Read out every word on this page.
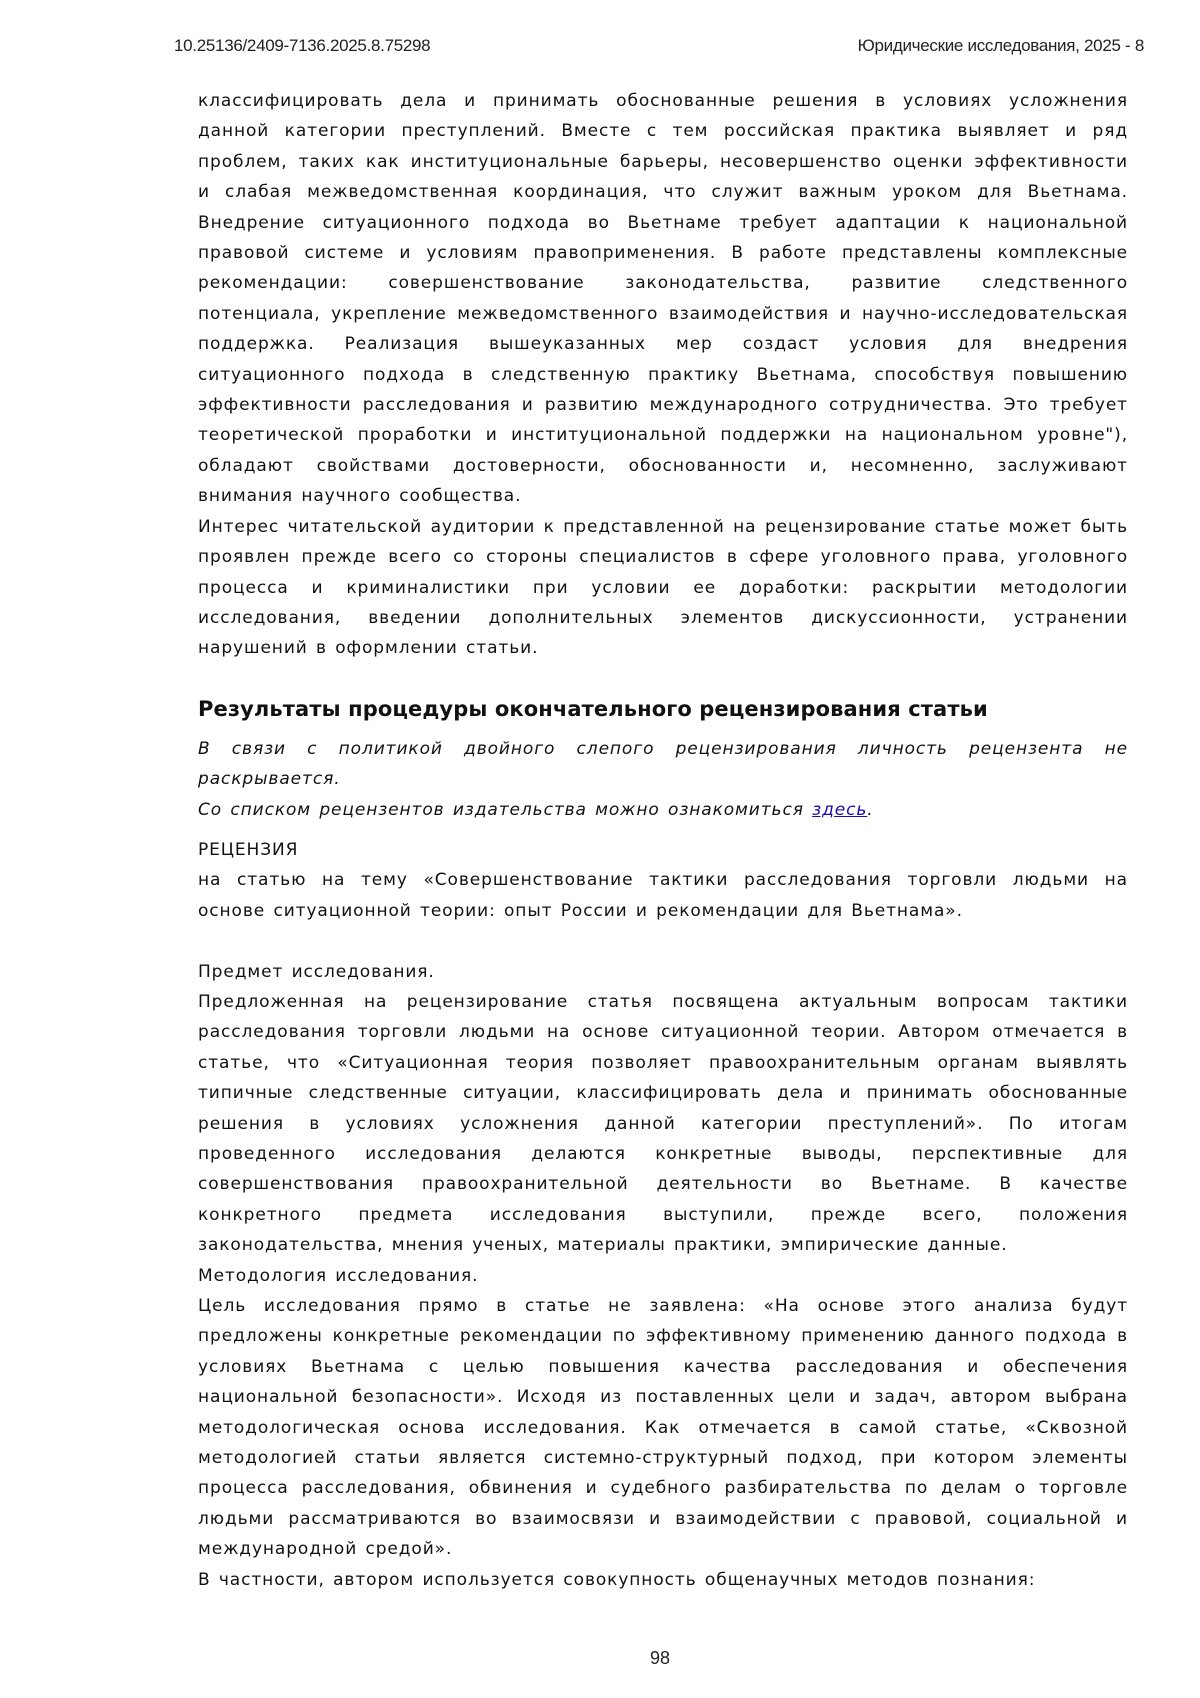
10.25136/2409-7136.2025.8.75298	Юридические исследования, 2025 - 8

классифицировать дела и принимать обоснованные решения в условиях усложнения данной категории преступлений. Вместе с тем российская практика выявляет и ряд проблем, таких как институциональные барьеры, несовершенство оценки эффективности и слабая межведомственная координация, что служит важным уроком для Вьетнама. Внедрение ситуационного подхода во Вьетнаме требует адаптации к национальной правовой системе и условиям правоприменения. В работе представлены комплексные рекомендации: совершенствование законодательства, развитие следственного потенциала, укрепление межведомственного взаимодействия и научно-исследовательская поддержка. Реализация вышеуказанных мер создаст условия для внедрения ситуационного подхода в следственную практику Вьетнама, способствуя повышению эффективности расследования и развитию международного сотрудничества. Это требует теоретической проработки и институциональной поддержки на национальном уровне"), обладают свойствами достоверности, обоснованности и, несомненно, заслуживают внимания научного сообщества.

Интерес читательской аудитории к представленной на рецензирование статье может быть проявлен прежде всего со стороны специалистов в сфере уголовного права, уголовного процесса и криминалистики при условии ее доработки: раскрытии методологии исследования, введении дополнительных элементов дискуссионности, устранении нарушений в оформлении статьи.

Результаты процедуры окончательного рецензирования статьи

В связи с политикой двойного слепого рецензирования личность рецензента не раскрывается.

Со списком рецензентов издательства можно ознакомиться здесь.

РЕЦЕНЗИЯ

на статью на тему «Совершенствование тактики расследования торговли людьми на основе ситуационной теории: опыт России и рекомендации для Вьетнама».

Предмет исследования.

Предложенная на рецензирование статья посвящена актуальным вопросам тактики расследования торговли людьми на основе ситуационной теории. Автором отмечается в статье, что «Ситуационная теория позволяет правоохранительным органам выявлять типичные следственные ситуации, классифицировать дела и принимать обоснованные решения в условиях усложнения данной категории преступлений». По итогам проведенного исследования делаются конкретные выводы, перспективные для совершенствования правоохранительной деятельности во Вьетнаме. В качестве конкретного предмета исследования выступили, прежде всего, положения законодательства, мнения ученых, материалы практики, эмпирические данные.

Методология исследования.

Цель исследования прямо в статье не заявлена: «На основе этого анализа будут предложены конкретные рекомендации по эффективному применению данного подхода в условиях Вьетнама с целью повышения качества расследования и обеспечения национальной безопасности». Исходя из поставленных цели и задач, автором выбрана методологическая основа исследования. Как отмечается в самой статье, «Сквозной методологией статьи является системно-структурный подход, при котором элементы процесса расследования, обвинения и судебного разбирательства по делам о торговле людьми рассматриваются во взаимосвязи и взаимодействии с правовой, социальной и международной средой».

В частности, автором используется совокупность общенаучных методов познания:

98
